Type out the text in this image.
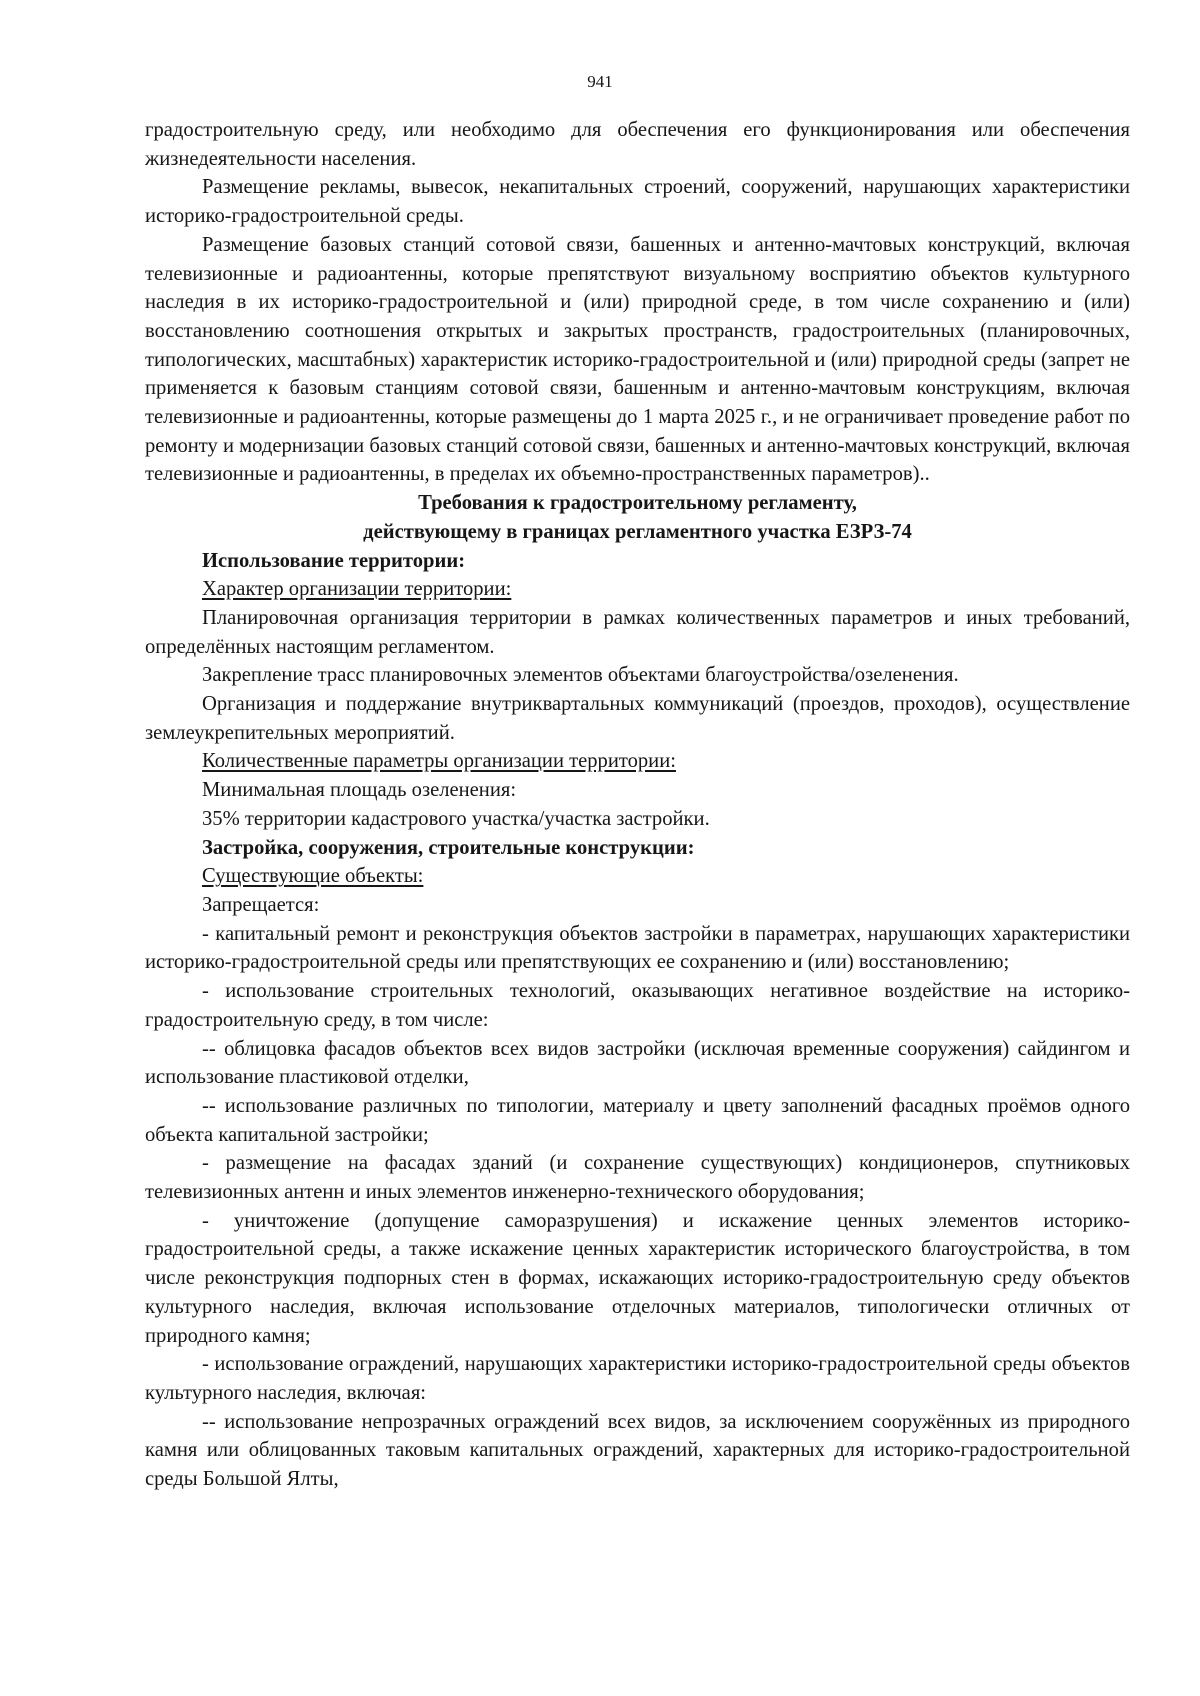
941

градостроительную среду, или необходимо для обеспечения его функционирования или обеспечения жизнедеятельности населения.

Размещение рекламы, вывесок, некапитальных строений, сооружений, нарушающих характеристики историко-градостроительной среды.

Размещение базовых станций сотовой связи, башенных и антенно-мачтовых конструкций, включая телевизионные и радиоантенны, которые препятствуют визуальному восприятию объектов культурного наследия в их историко-градостроительной и (или) природной среде, в том числе сохранению и (или) восстановлению соотношения открытых и закрытых пространств, градостроительных (планировочных, типологических, масштабных) характеристик историко-градостроительной и (или) природной среды (запрет не применяется к базовым станциям сотовой связи, башенным и антенно-мачтовым конструкциям, включая телевизионные и радиоантенны, которые размещены до 1 марта 2025 г., и не ограничивает проведение работ по ремонту и модернизации базовых станций сотовой связи, башенных и антенно-мачтовых конструкций, включая телевизионные и радиоантенны, в пределах их объемно-пространственных параметров)..

Требования к градостроительному регламенту,

действующему в границах регламентного участка ЕЗРЗ-74

Использование территории:

Характер организации территории:

Планировочная организация территории в рамках количественных параметров и иных требований, определённых настоящим регламентом.

Закрепление трасс планировочных элементов объектами благоустройства/озеленения.

Организация и поддержание внутриквартальных коммуникаций (проездов, проходов), осуществление землеукрепительных мероприятий.

Количественные параметры организации территории:

Минимальная площадь озеленения:

35% территории кадастрового участка/участка застройки.

Застройка, сооружения, строительные конструкции:

Существующие объекты:

Запрещается:

- капитальный ремонт и реконструкция объектов застройки в параметрах, нарушающих характеристики историко-градостроительной среды или препятствующих ее сохранению и (или) восстановлению;

- использование строительных технологий, оказывающих негативное воздействие на историко-градостроительную среду, в том числе:

-- облицовка фасадов объектов всех видов застройки (исключая временные сооружения) сайдингом и использование пластиковой отделки,

-- использование различных по типологии, материалу и цвету заполнений фасадных проёмов одного объекта капитальной застройки;

- размещение на фасадах зданий (и сохранение существующих) кондиционеров, спутниковых телевизионных антенн и иных элементов инженерно-технического оборудования;

- уничтожение (допущение саморазрушения) и искажение ценных элементов историко-градостроительной среды, а также искажение ценных характеристик исторического благоустройства, в том числе реконструкция подпорных стен в формах, искажающих историко-градостроительную среду объектов культурного наследия, включая использование отделочных материалов, типологически отличных от природного камня;

- использование ограждений, нарушающих характеристики историко-градостроительной среды объектов культурного наследия, включая:

-- использование непрозрачных ограждений всех видов, за исключением сооружённых из природного камня или облицованных таковым капитальных ограждений, характерных для историко-градостроительной среды Большой Ялты,
